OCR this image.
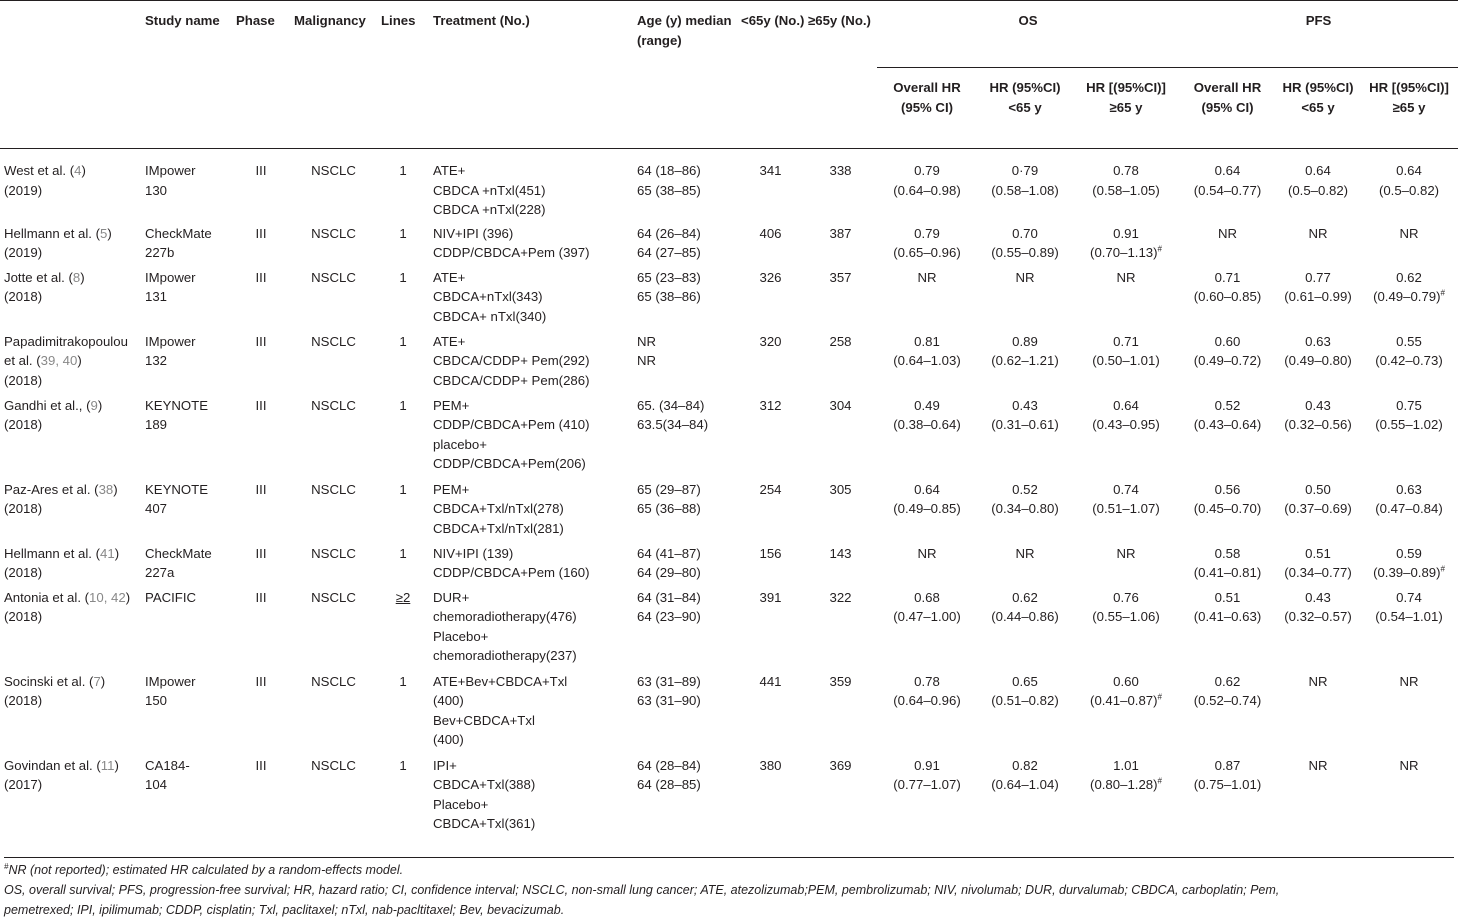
	Study name	Phase	Malignancy	Lines	Treatment (No.)	Age (y) median (range)	<65y (No.)	≥65y (No.)	OS			PFS		
									Overall HR (95% CI)	HR (95%CI) <65 y	HR [(95%CI)] ≥65 y	Overall HR (95% CI)	HR (95%CI) <65 y	HR [(95%CI)] ≥65 y

West et al. (4)
(2019)	IMpower
130	III	NSCLC	1	ATE+
CBDCA +nTxl(451)
CBDCA +nTxl(228)	64 (18–86)
65 (38–85)	341	338	0.79
(0.64–0.98)	0·79
(0.58–1.08)	0.78
(0.58–1.05)	0.64
(0.54–0.77)	0.64
(0.5–0.82)	0.64
(0.5–0.82)

Hellmann et al. (5)
(2019)	CheckMate
227b	III	NSCLC	1	NIV+IPI (396)
CDDP/CBDCA+Pem (397)	64 (26–84)
64 (27–85)	406	387	0.79
(0.65–0.96)	0.70
(0.55–0.89)	0.91
(0.70–1.13)#	NR	NR	NR

Jotte et al. (8)
(2018)	IMpower
131	III	NSCLC	1	ATE+
CBDCA+nTxl(343)
CBDCA+ nTxl(340)	65 (23–83)
65 (38–86)	326	357	NR	NR	NR	0.71
(0.60–0.85)	0.77
(0.61–0.99)	0.62
(0.49–0.79)#

Papadimitrakopoulou
et al. (39, 40)
(2018)	IMpower
132	III	NSCLC	1	ATE+
CBDCA/CDDP+ Pem(292)
CBDCA/CDDP+ Pem(286)	NR
NR	320	258	0.81
(0.64–1.03)	0.89
(0.62–1.21)	0.71
(0.50–1.01)	0.60
(0.49–0.72)	0.63
(0.49–0.80)	0.55
(0.42–0.73)

Gandhi et al., (9)
(2018)	KEYNOTE
189	III	NSCLC	1	PEM+
CDDP/CBDCA+Pem (410)
placebo+
CDDP/CBDCA+Pem(206)	65. (34–84)
63.5(34–84)	312	304	0.49
(0.38–0.64)	0.43
(0.31–0.61)	0.64
(0.43–0.95)	0.52
(0.43–0.64)	0.43
(0.32–0.56)	0.75
(0.55–1.02)

Paz-Ares et al. (38)
(2018)	KEYNOTE
407	III	NSCLC	1	PEM+
CBDCA+Txl/nTxl(278)
CBDCA+Txl/nTxl(281)	65 (29–87)
65 (36–88)	254	305	0.64
(0.49–0.85)	0.52
(0.34–0.80)	0.74
(0.51–1.07)	0.56
(0.45–0.70)	0.50
(0.37–0.69)	0.63
(0.47–0.84)

Hellmann et al. (41)
(2018)	CheckMate
227a	III	NSCLC	1	NIV+IPI (139)
CDDP/CBDCA+Pem (160)	64 (41–87)
64 (29–80)	156	143	NR	NR	NR	0.58
(0.41–0.81)	0.51
(0.34–0.77)	0.59
(0.39–0.89)#

Antonia et al. (10, 42)
(2018)	PACIFIC	III	NSCLC	≥2	DUR+
chemoradiotherapy(476)
Placebo+
chemoradiotherapy(237)	64 (31–84)
64 (23–90)	391	322	0.68
(0.47–1.00)	0.62
(0.44–0.86)	0.76
(0.55–1.06)	0.51
(0.41–0.63)	0.43
(0.32–0.57)	0.74
(0.54–1.01)

Socinski et al. (7)
(2018)	IMpower
150	III	NSCLC	1	ATE+Bev+CBDCA+Txl
(400)
Bev+CBDCA+Txl
(400)	63 (31–89)
63 (31–90)	441	359	0.78
(0.64–0.96)	0.65
(0.51–0.82)	0.60
(0.41–0.87)#	0.62
(0.52–0.74)	NR	NR

Govindan et al. (11)
(2017)	CA184-
104	III	NSCLC	1	IPI+
CBDCA+Txl(388)
Placebo+
CBDCA+Txl(361)	64 (28–84)
64 (28–85)	380	369	0.91
(0.77–1.07)	0.82
(0.64–1.04)	1.01
(0.80–1.28)#	0.87
(0.75–1.01)	NR	NR
#NR (not reported); estimated HR calculated by a random-effects model.
OS, overall survival; PFS, progression-free survival; HR, hazard ratio; CI, confidence interval; NSCLC, non-small lung cancer; ATE, atezolizumab;PEM, pembrolizumab; NIV, nivolumab; DUR, durvalumab; CBDCA, carboplatin; Pem,
pemetrexed; IPI, ipilimumab; CDDP, cisplatin; Txl, paclitaxel; nTxl, nab-pacltitaxel; Bev, bevacizumab.
